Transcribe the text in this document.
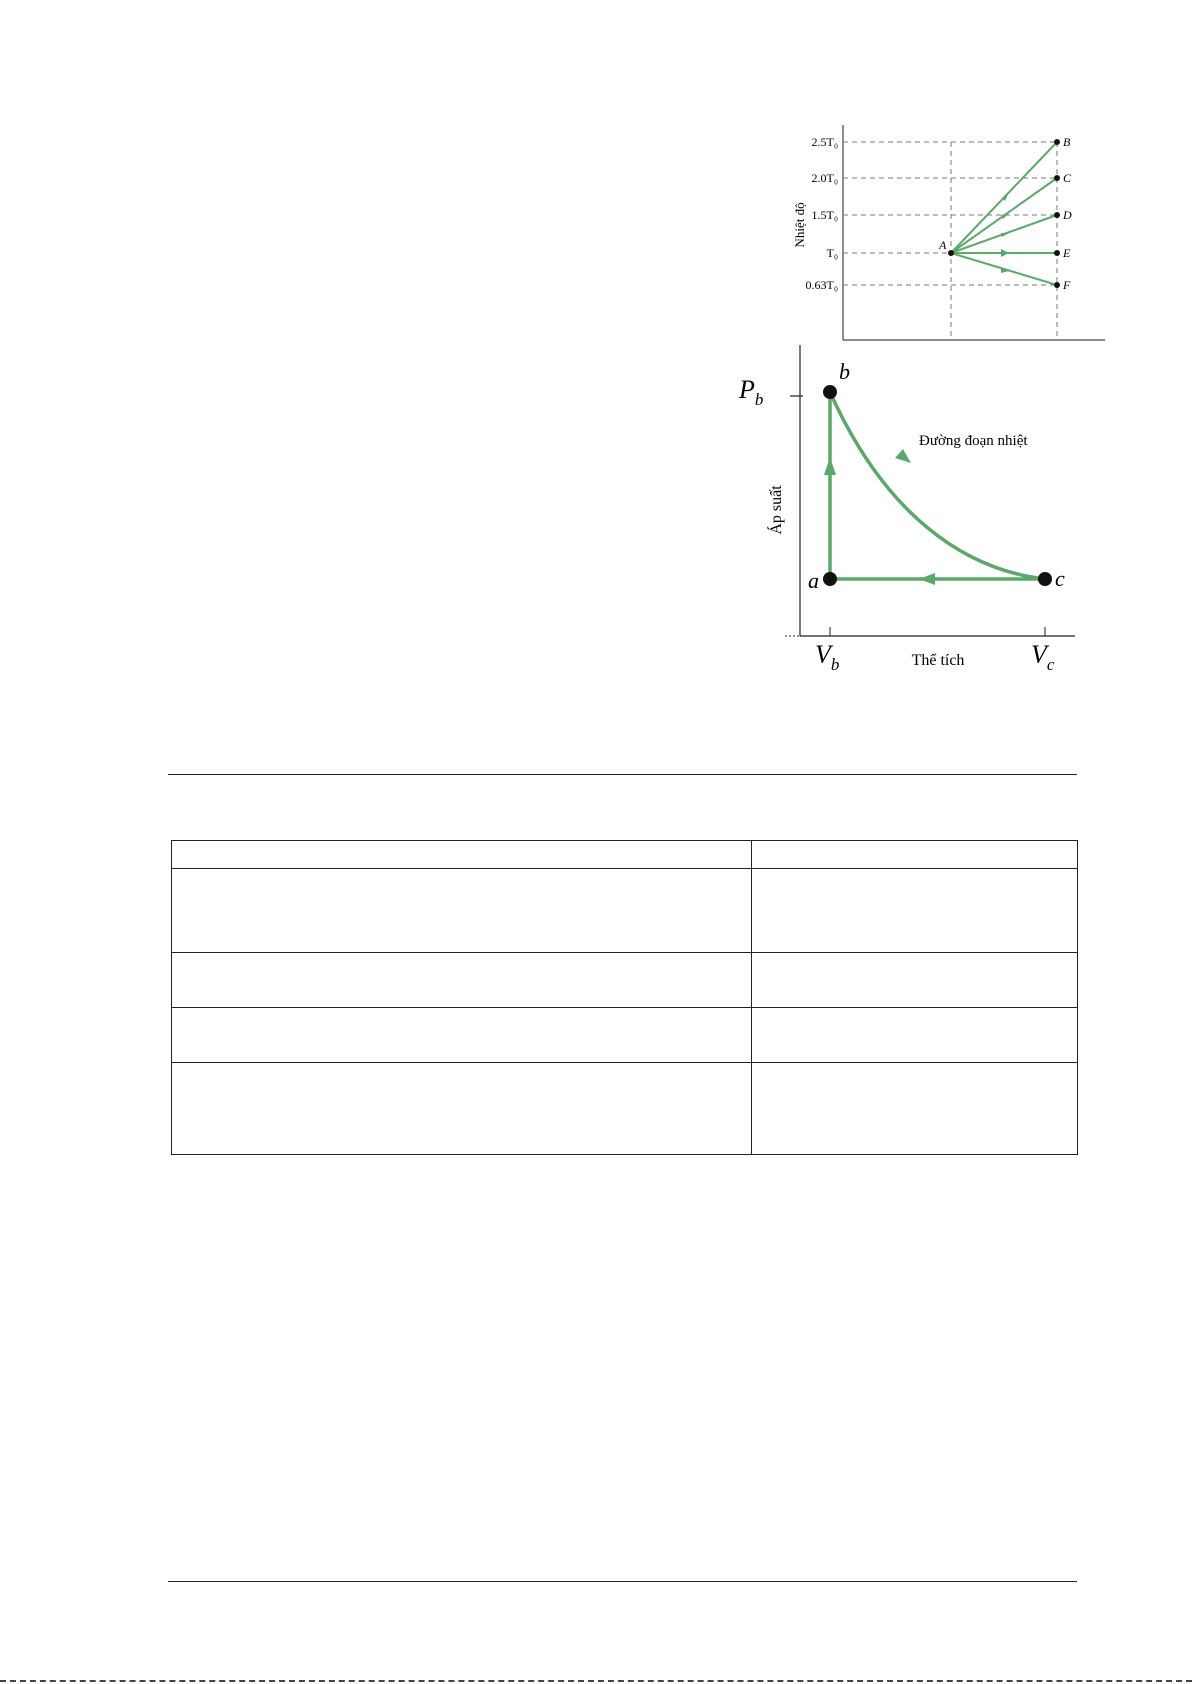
Nhiệt độ
2.5T₀
2.0T₀
1.5T₀
T₀
0.63T₀
A
B
C
D
E
F
Áp suất
Thể tích
$P_b$
$V_b$	$V_c$
Đường đoạn nhiệt
a
b
c
